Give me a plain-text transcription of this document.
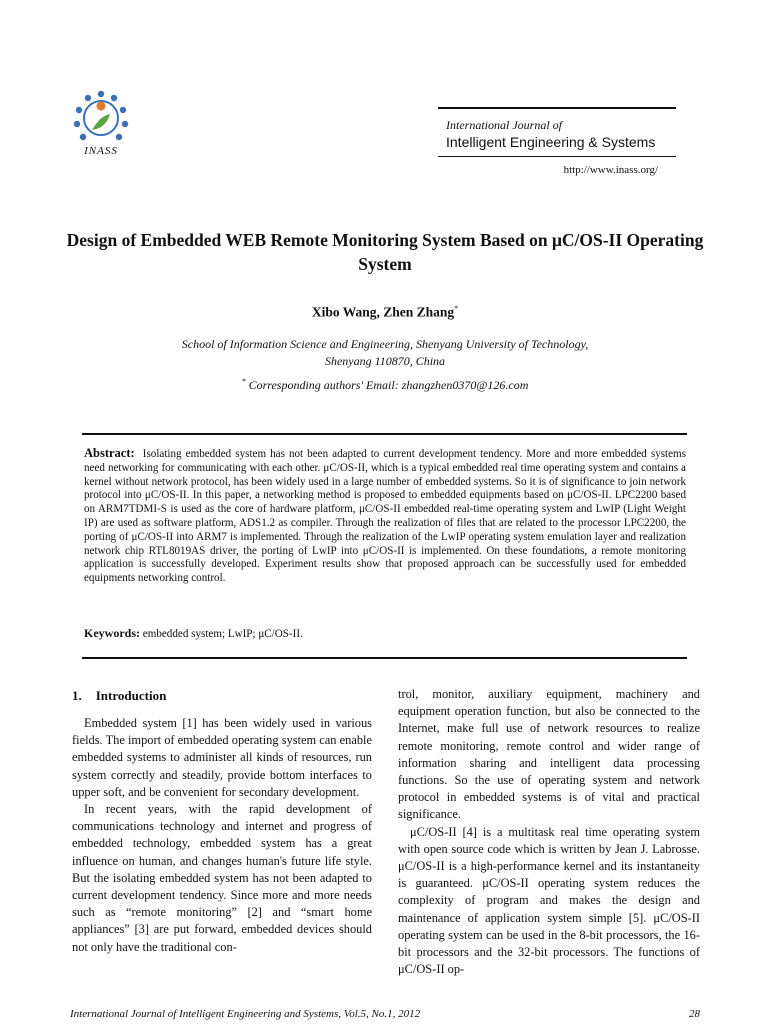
INASS
International Journal of
Intelligent Engineering & Systems
http://www.inass.org/
Design of Embedded WEB Remote Monitoring System Based on μC/OS-II Operating System
Xibo Wang, Zhen Zhang*
School of Information Science and Engineering, Shenyang University of Technology,
Shenyang 110870, China
* Corresponding authors' Email: zhangzhen0370@126.com
Abstract: Isolating embedded system has not been adapted to current development tendency. More and more embedded systems need networking for communicating with each other. μC/OS-II, which is a typical embedded real time operating system and contains a kernel without network protocol, has been widely used in a large number of embedded systems. So it is of significance to join network protocol into μC/OS-II. In this paper, a networking method is proposed to embedded equipments based on μC/OS-II. LPC2200 based on ARM7TDMI-S is used as the core of hardware platform, μC/OS-II embedded real-time operating system and LwIP (Light Weight IP) are used as software platform, ADS1.2 as compiler. Through the realization of files that are related to the processor LPC2200, the porting of μC/OS-II into ARM7 is implemented. Through the realization of the LwIP operating system emulation layer and realization network chip RTL8019AS driver, the porting of LwIP into μC/OS-II is implemented. On these foundations, a remote monitoring application is successfully developed. Experiment results show that proposed approach can be successfully used for embedded equipments networking control.
Keywords: embedded system; LwIP; μC/OS-II.
1. Introduction

Embedded system [1] has been widely used in various fields. The import of embedded operating system can enable embedded systems to administer all kinds of resources, run system correctly and steadily, provide bottom interfaces to upper soft, and be convenient for secondary development.

In recent years, with the rapid development of communications technology and internet and progress of embedded technology, embedded system has a great influence on human, and changes human's future life style. But the isolating embedded system has not been adapted to current development tendency. Since more and more needs such as “remote monitoring” [2] and “smart home appliances” [3] are put forward, embedded devices should not only have the traditional con-

trol, monitor, auxiliary equipment, machinery and equipment operation function, but also be connected to the Internet, make full use of network resources to realize remote monitoring, remote control and wider range of information sharing and intelligent data processing functions. So the use of operating system and network protocol in embedded systems is of vital and practical significance.

μC/OS-II [4] is a multitask real time operating system with open source code which is written by Jean J. Labrosse. μC/OS-II is a high-performance kernel and its instantaneity is guaranteed. μC/OS-II operating system reduces the complexity of program and makes the design and maintenance of application system simple [5]. μC/OS-II operating system can be used in the 8-bit processors, the 16-bit processors and the 32-bit processors. The functions of μC/OS-II op-

International Journal of Intelligent Engineering and Systems, Vol.5, No.1, 2012	28
